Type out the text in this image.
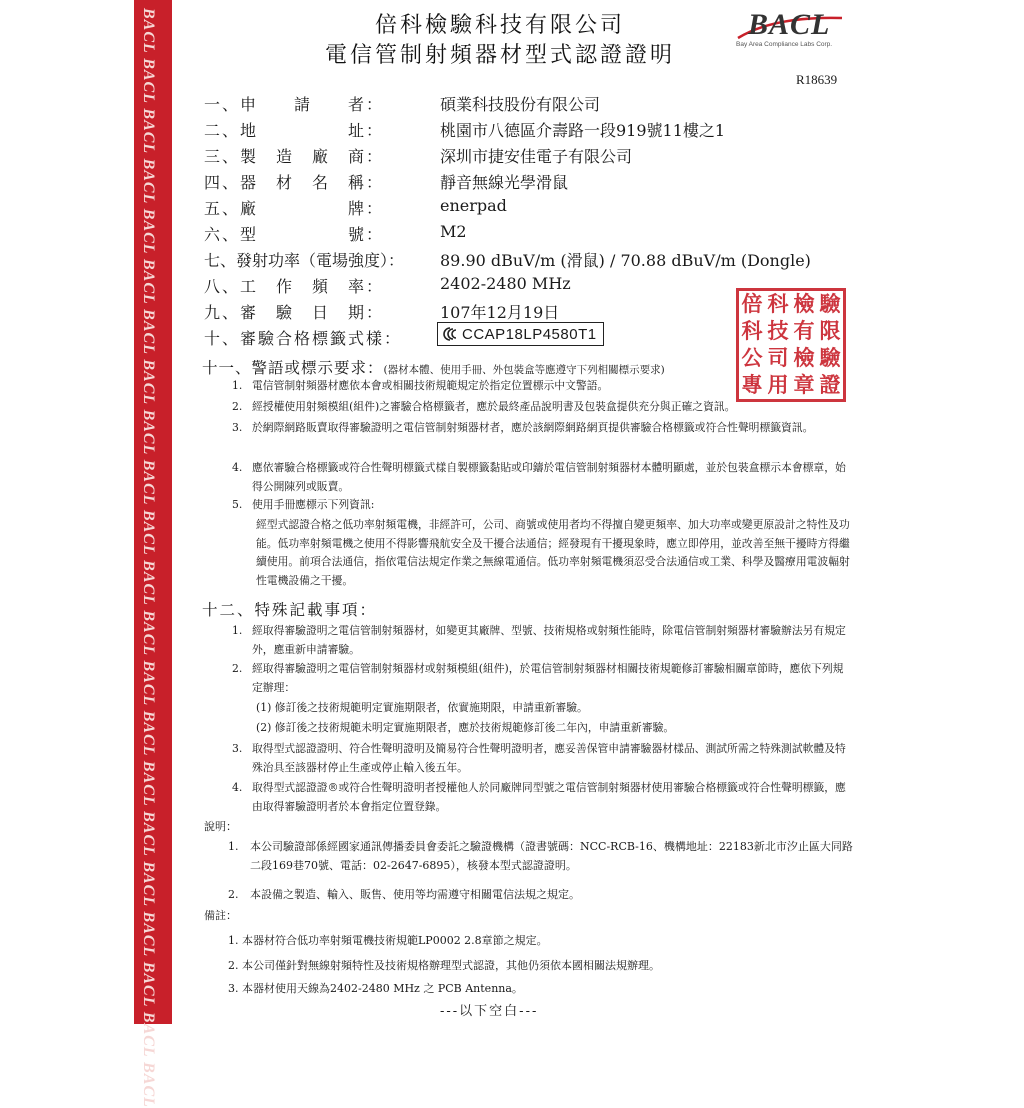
BACL BACL BACL BACL BACL BACL BACL BACL BACL BACL BACL BACL BACL BACL BACL BACL BACL BACL BACL BACL BACL BACL	倍科檢驗科技有限公司
電信管制射頻器材型式認證證明
BACL
Bay Area Compliance Labs Corp.
R18639
一、申　　請　　者：	碩業科技股份有限公司
二、地　　　　　址：	桃園市八德區介壽路一段919號11樓之1
三、製　造　廠　商：	深圳市捷安佳電子有限公司
四、器　材　名　稱：	靜音無線光學滑鼠
五、廠　　　　　牌：	enerpad
六、型　　　　　號：	M2
七、發射功率（電場強度）： 89.90 dBuV/m (滑鼠) / 70.88 dBuV/m (Dongle)
八、工　作　頻　率：	2402-2480 MHz
九、審　驗　日　期：	107年12月19日
十、審驗合格標籤式樣：	CCAP18LP4580T1
倍 科 檢 驗
科 技 有 限
公 司 檢 驗
專 用 章 證
十一、警語或標示要求：(器材本體、使用手冊、外包裝盒等應遵守下列相關標示要求)
1. 電信管制射頻器材應依本會或相關技術規範規定於指定位置標示中文警語。
2. 經授權使用射頻模組(組件)之審驗合格標籤者，應於最終產品說明書及包裝盒提供充分與正確之資訊。
3. 於網際網路販賣取得審驗證明之電信管制射頻器材者，應於該網際網路網頁提供審驗合格標籤或符合性聲明標籤資訊。
4. 應依審驗合格標籤或符合性聲明標籤式樣自製標籤黏貼或印鑄於電信管制射頻器材本體明顯處，並於包裝盒標示本會標章，始得公開陳列或販賣。
5. 使用手冊應標示下列資訊:
經型式認證合格之低功率射頻電機，非經許可，公司、商號或使用者均不得擅自變更頻率、加大功率或變更原設計之特性及功能。低功率射頻電機之使用不得影響飛航安全及干擾合法通信；經發現有干擾現象時，應立即停用，並改善至無干擾時方得繼續使用。前項合法通信，指依電信法規定作業之無線電通信。低功率射頻電機須忍受合法通信或工業、科學及醫療用電波輻射性電機設備之干擾。
十二、特殊記載事項：
1. 經取得審驗證明之電信管制射頻器材，如變更其廠牌、型號、技術規格或射頻性能時，除電信管制射頻器材審驗辦法另有規定外，應重新申請審驗。
2. 經取得審驗證明之電信管制射頻器材或射頻模組(組件)，於電信管制射頻器材相關技術規範修訂審驗相關章節時，應依下列規定辦理：
(1) 修訂後之技術規範明定實施期限者，依實施期限，申請重新審驗。
(2) 修訂後之技術規範未明定實施期限者，應於技術規範修訂後二年內，申請重新審驗。
3. 取得型式認證證明、符合性聲明證明及簡易符合性聲明證明者，應妥善保管申請審驗器材樣品、測試所需之特殊測試軟體及特殊治具至該器材停止生產或停止輸入後五年。
4. 取得型式認證證®或符合性聲明證明者授權他人於同廠牌同型號之電信管制射頻器材使用審驗合格標籤或符合性聲明標籤，應由取得審驗證明者於本會指定位置登錄。
說明：
1. 本公司驗證部係經國家通訊傳播委員會委託之驗證機構（證書號碼：NCC-RCB-16、機構地址：22183新北市汐止區大同路二段169巷70號、電話：02-2647-6895），核發本型式認證證明。
2. 本設備之製造、輸入、販售、使用等均需遵守相關電信法規之規定。
備註：
1. 本器材符合低功率射頻電機技術規範LP0002 2.8章節之規定。
2. 本公司僅針對無線射頻特性及技術規格辦理型式認證，其他仍須依本國相關法規辦理。
3. 本器材使用天線為2402-2480 MHz 之 PCB Antenna。
---以下空白---
